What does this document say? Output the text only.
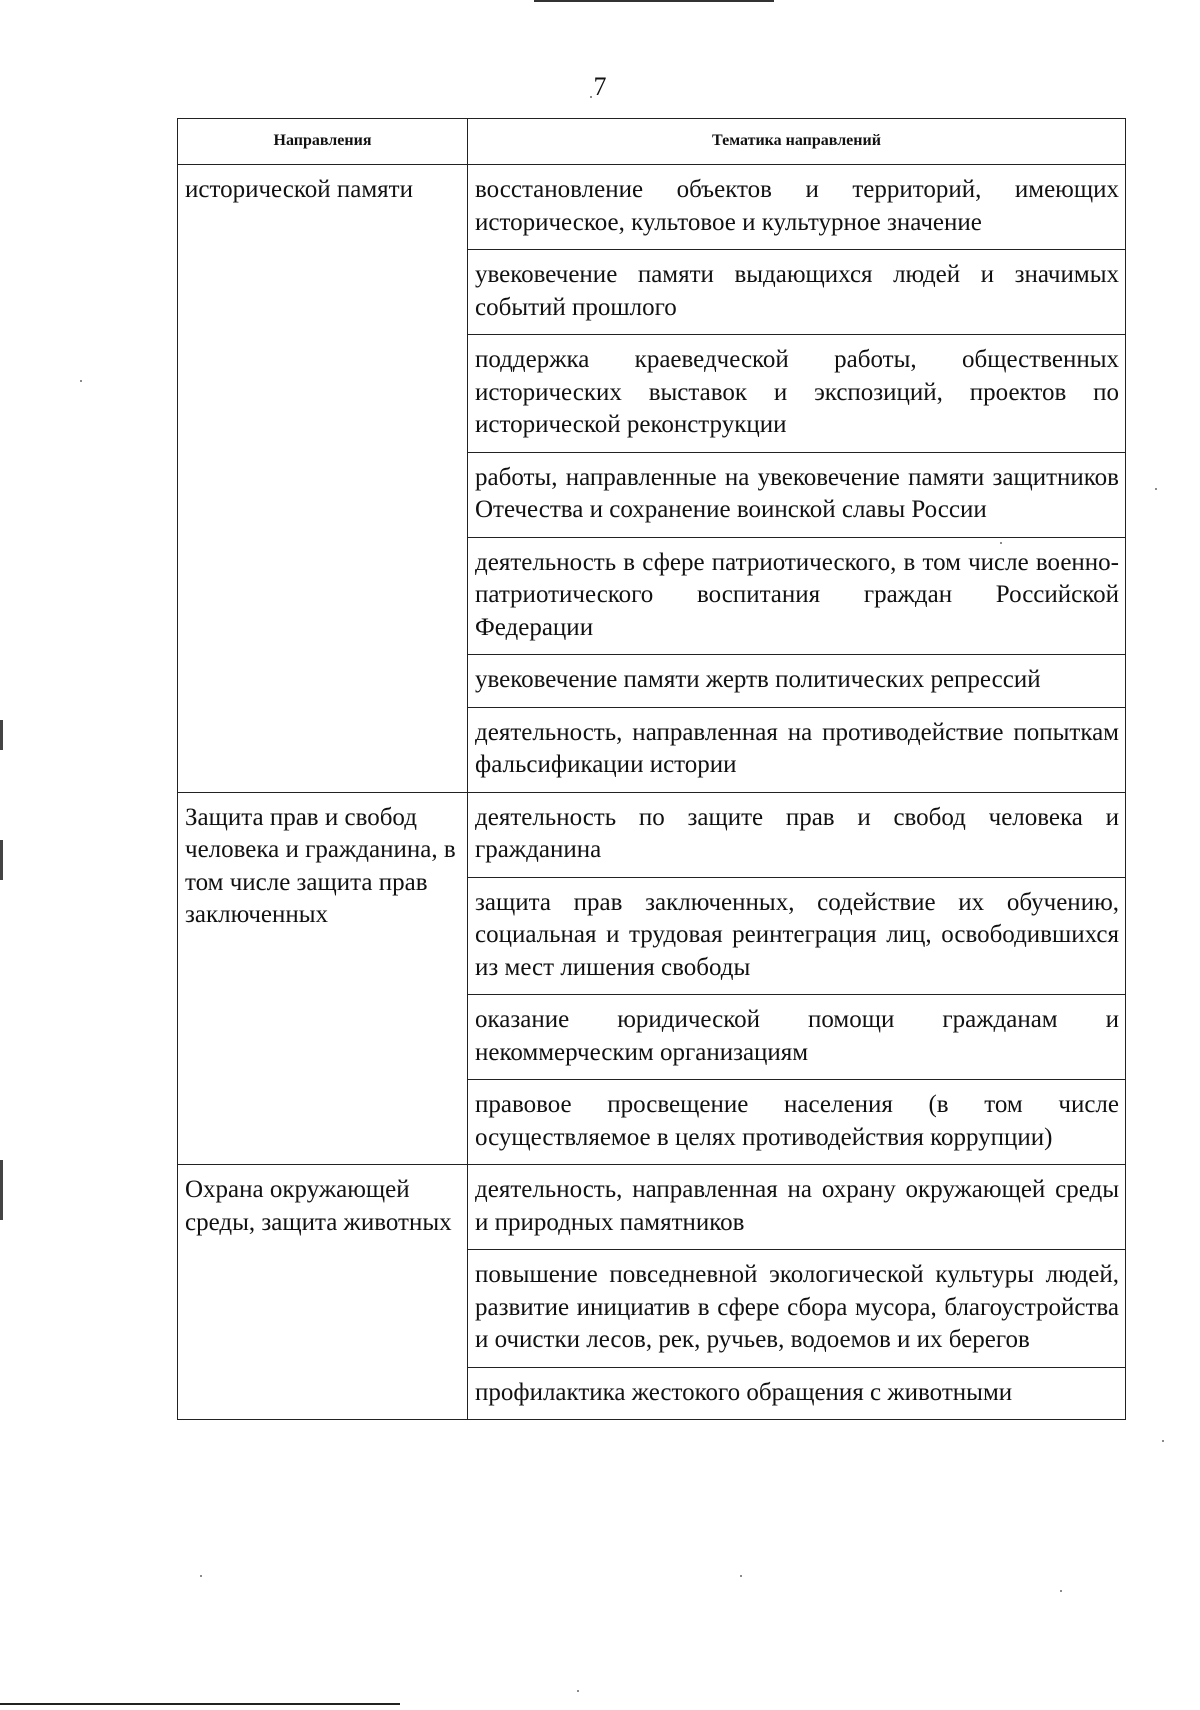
7
Направления	Тематика направлений
исторической памяти	восстановление объектов и территорий, имеющих историческое, культовое и культурное значение
	увековечение памяти выдающихся людей и значимых событий прошлого
	поддержка краеведческой работы, общественных исторических выставок и экспозиций, проектов по исторической реконструкции
	работы, направленные на увековечение памяти защитников Отечества и сохранение воинской славы России
	деятельность в сфере патриотического, в том числе военно-патриотического воспитания граждан Российской Федерации
	увековечение памяти жертв политических репрессий
	деятельность, направленная на противодействие попыткам фальсификации истории
Защита прав и свобод человека и гражданина, в том числе защита прав заключенных	деятельность по защите прав и свобод человека и гражданина
	защита прав заключенных, содействие их обучению, социальная и трудовая реинтеграция лиц, освободившихся из мест лишения свободы
	оказание юридической помощи гражданам и некоммерческим организациям
	правовое просвещение населения (в том числе осуществляемое в целях противодействия коррупции)
Охрана окружающей среды, защита животных	деятельность, направленная на охрану окружающей среды и природных памятников
	повышение повседневной экологической культуры людей, развитие инициатив в сфере сбора мусора, благоустройства и очистки лесов, рек, ручьев, водоемов и их берегов
	профилактика жестокого обращения с животными
